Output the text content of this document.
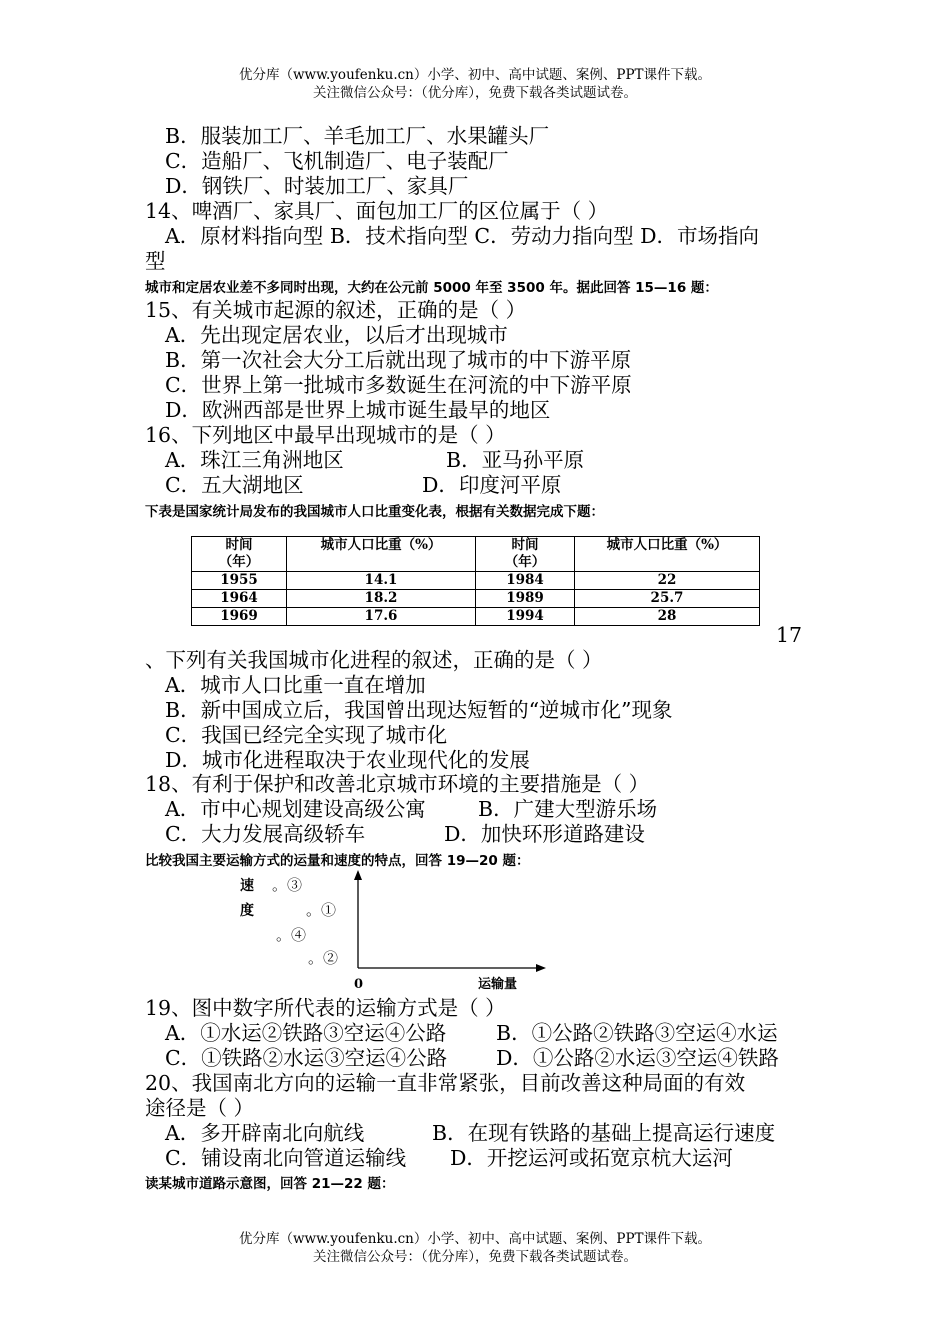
优分库（www.youfenku.cn）小学、初中、高中试题、案例、PPT课件下载。
关注微信公众号：（优分库），免费下载各类试题试卷。
B．服装加工厂、羊毛加工厂、水果罐头厂
C．造船厂、飞机制造厂、电子装配厂
D．钢铁厂、时装加工厂、家具厂
14、啤酒厂、家具厂、面包加工厂的区位属于（ ）
A．原材料指向型 B．技术指向型 C．劳动力指向型 D．市场指向
型
城市和定居农业差不多同时出现，大约在公元前 5000 年至 3500 年。据此回答 15—16 题：
15、有关城市起源的叙述，正确的是（ ）
A．先出现定居农业，以后才出现城市
B．第一次社会大分工后就出现了城市的中下游平原
C．世界上第一批城市多数诞生在河流的中下游平原
D．欧洲西部是世界上城市诞生最早的地区
16、下列地区中最早出现城市的是（ ）
A．珠江三角洲地区	B．亚马孙平原
C．五大湖地区	D．印度河平原
下表是国家统计局发布的我国城市人口比重变化表，根据有关数据完成下题：
时间
（年）	城市人口比重（%）	时间
（年）	城市人口比重（%）
1955	14.1	1984	22
1964	18.2	1989	25.7
1969	17.6	1994	28
17
、下列有关我国城市化进程的叙述，正确的是（ ）
A．城市人口比重一直在增加
B．新中国成立后，我国曾出现达短暂的“逆城市化”现象
C．我国已经完全实现了城市化
D．城市化进程取决于农业现代化的发展
18、有利于保护和改善北京城市环境的主要措施是（ ）
A．市中心规划建设高级公寓	B．广建大型游乐场
C．大力发展高级轿车	D．加快环形道路建设
比较我国主要运输方式的运量和速度的特点，回答 19—20 题：
速
度
。③
。①
。④
。②
0	运输量
19、图中数字所代表的运输方式是（ ）
A．①水运②铁路③空运④公路 B．①公路②铁路③空运④水运
C．①铁路②水运③空运④公路 D．①公路②水运③空运④铁路
20、我国南北方向的运输一直非常紧张，目前改善这种局面的有效
途径是（ ）
A．多开辟南北向航线	B．在现有铁路的基础上提高运行速度
C．铺设南北向管道运输线 D．开挖运河或拓宽京杭大运河
读某城市道路示意图，回答 21—22 题：
优分库（www.youfenku.cn）小学、初中、高中试题、案例、PPT课件下载。
关注微信公众号：（优分库），免费下载各类试题试卷。
